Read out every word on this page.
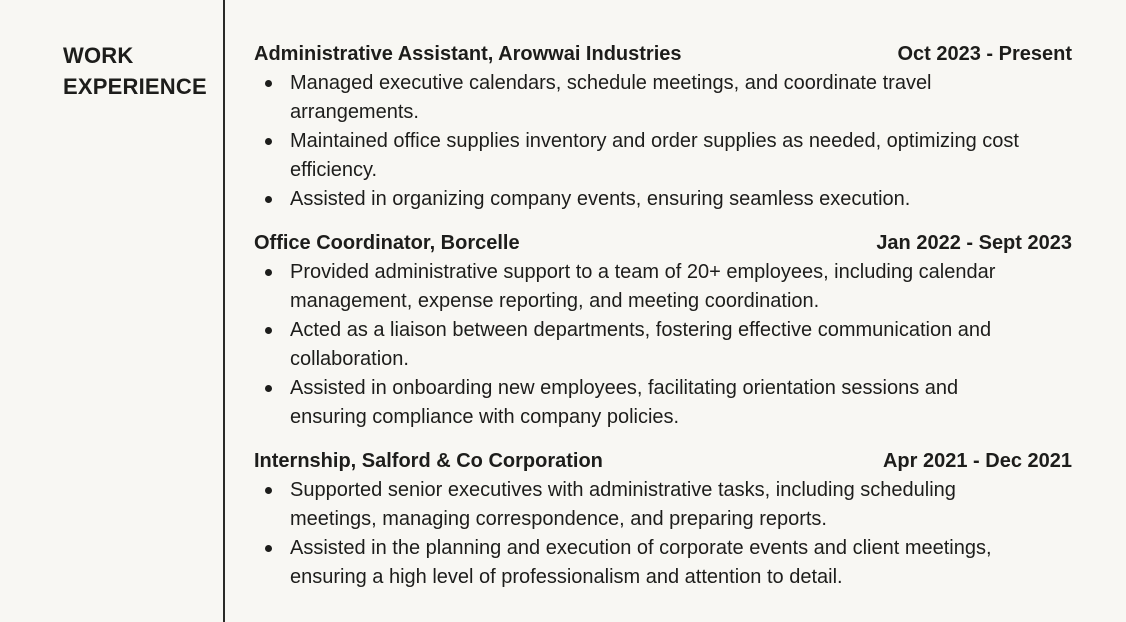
WORK
EXPERIENCE
Administrative Assistant, Arowwai Industries	Oct 2023 - Present
Managed executive calendars, schedule meetings, and coordinate travel arrangements.
Maintained office supplies inventory and order supplies as needed, optimizing cost efficiency.
Assisted in organizing company events, ensuring seamless execution.
Office Coordinator, Borcelle	Jan 2022 - Sept 2023
Provided administrative support to a team of 20+ employees, including calendar management, expense reporting, and meeting coordination.
Acted as a liaison between departments, fostering effective communication and collaboration.
Assisted in onboarding new employees, facilitating orientation sessions and ensuring compliance with company policies.
Internship, Salford & Co Corporation	Apr 2021 - Dec 2021
Supported senior executives with administrative tasks, including scheduling meetings, managing correspondence, and preparing reports.
Assisted in the planning and execution of corporate events and client meetings, ensuring a high level of professionalism and attention to detail.
